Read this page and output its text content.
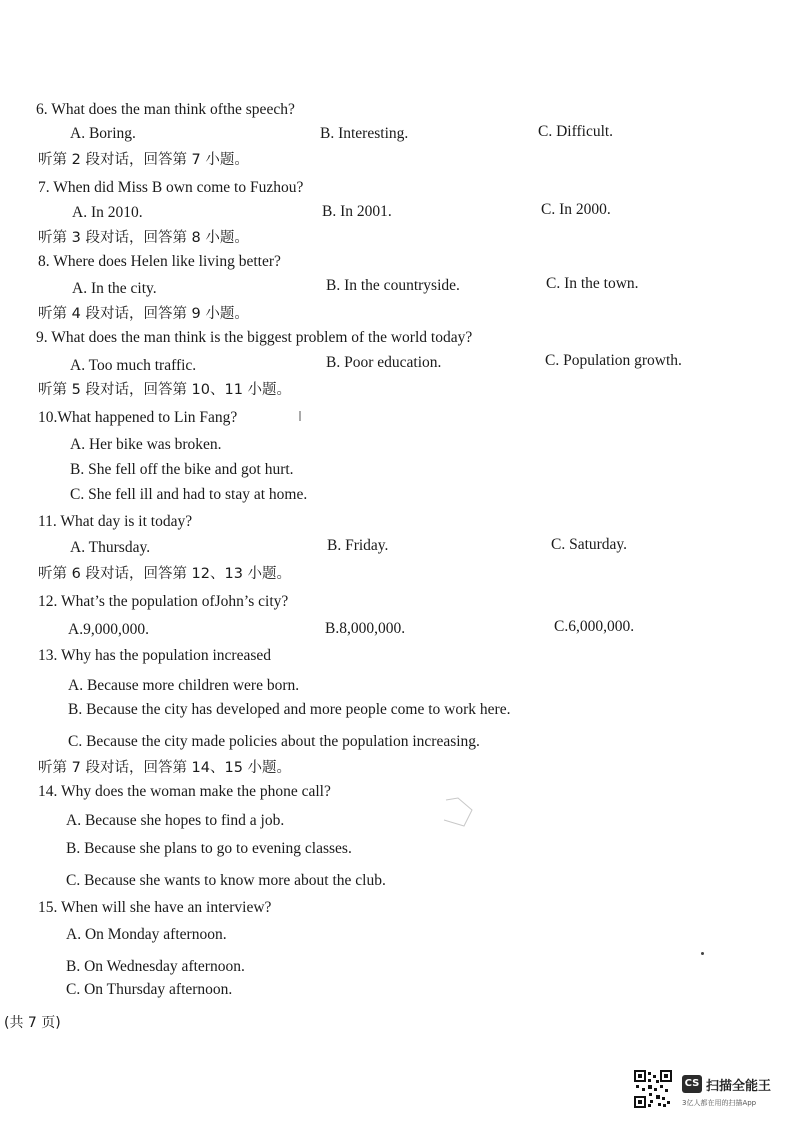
6. What does the man think ofthe speech?
A. Boring.	B. Interesting.	C. Difficult.
听第 2 段对话，回答第 7 小题。
7. When did Miss B own come to Fuzhou?
A. In 2010.	B. In 2001.	C. In 2000.
听第 3 段对话，回答第 8 小题。
8. Where does Helen like living better?
A. In the city.	B. In the countryside.	C. In the town.
听第 4 段对话，回答第 9 小题。
9. What does the man think is the biggest problem of the world today?
A. Too much traffic.	B. Poor education.	C. Population growth.
听第 5 段对话，回答第 10、11 小题。
10.What happened to Lin Fang?
A. Her bike was broken.
B. She fell off the bike and got hurt.
C. She fell ill and had to stay at home.
11. What day is it today?
A. Thursday.	B. Friday.	C. Saturday.
听第 6 段对话，回答第 12、13 小题。
12. What’s the population ofJohn’s city?
A.9,000,000.	B.8,000,000.	C.6,000,000.
13. Why has the population increased
A. Because more children were born.
B. Because the city has developed and more people come to work here.
C. Because the city made policies about the population increasing.
听第 7 段对话，回答第 14、15 小题。
14. Why does the woman make the phone call?
A. Because she hopes to find a job.
B. Because she plans to go to evening classes.
C. Because she wants to know more about the club.
15. When will she have an interview?
A. On Monday afternoon.
B. On Wednesday afternoon.
C. On Thursday afternoon.
(共 7 页)
CS 扫描全能王
3亿人都在用的扫描App
